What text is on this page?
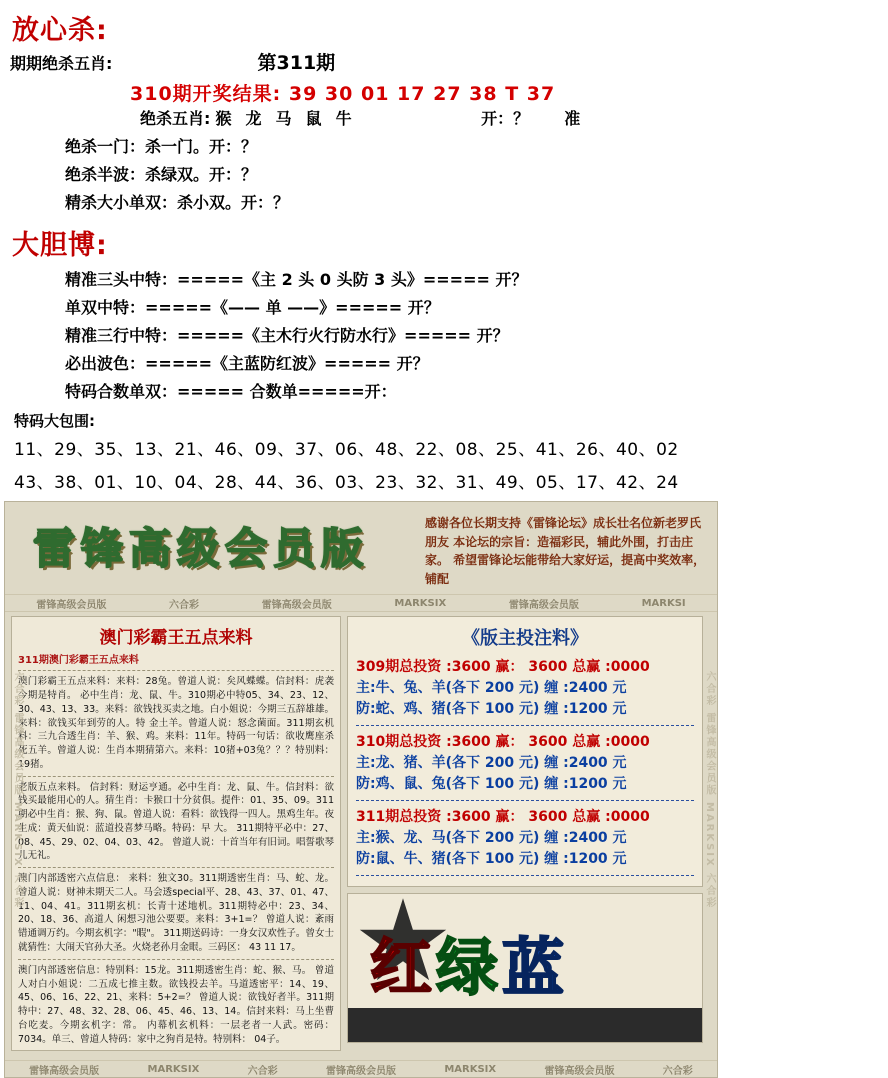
放心杀:
期期绝杀五肖:	第311期
310期开奖结果: 39 30 01 17 27 38 T 37
绝杀五肖: 猴 龙 马 鼠 牛	开：？ 准
绝杀一门：杀一门。开：？
绝杀半波：杀绿双。开：？
精杀大小单双：杀小双。开：？
大胆博:
精准三头中特：=====《主 2 头 0 头防 3 头》===== 开？
单双中特：=====《—— 单 ——》===== 开？
精准三行中特：=====《主木行火行防水行》===== 开？
必出波色：=====《主蓝防红波》===== 开？
特码合数单双：===== 合数单=====开：
特码大包围:
11、29、35、13、21、46、09、37、06、48、22、08、25、41、26、40、02
43、38、01、10、04、28、44、36、03、23、32、31、49、05、17、42、24
六合彩 雷锋高级会员版 MARKSIX 六合彩	六合彩 雷锋高级会员版 MARKSIX 六合彩
雷锋高级会员版
感谢各位长期支持《雷锋论坛》成长壮名位新老罗氏 朋友 本论坛的宗旨：造福彩民，辅此外围，打击庄家。 希望雷锋论坛能带给大家好运，提高中奖效率，铺配
雷锋高级会员版	六合彩	雷锋高级会员版	MARKSIX	雷锋高级会员版	MARKSI
澳门彩霸王五点来料
311期澳门彩霸王五点来料
澳门彩霸王五点来料：来料：28兔。曾道人说：矣风蝶蝶。信封料：虎袭今期是特肖。 必中生肖：龙、鼠、牛。310期必中特05、34、23、12、30、43、13、33。来料：欲钱找买卖之地。白小姐说：今期三五辞雄雄。来料：欲钱买年到劳的人。特 金土羊。曾道人说：怒念菌面。311期玄机料：三九合透生肖：羊、猴、鸡。来料：11年。特码一句话：欲收鹰座杀死五羊。曾道人说：生肖本期猜第六。来料：10猪+03兔？？？特别料：19猪。
老版五点来料。 信封料：财运亨通。必中生肖：龙、鼠、牛。信封料：欲钱买最能用心的人。猜生肖：卡猴口十分贫俱。提件：01、35、09。311期必中生肖：猴、狗、鼠。曾道人说：看料：欲钱得一四人。黑鸡生年。夜生成：黄天仙说：蓝道投喜梦马略。特码：早 大。 311期特平必中：27、08、45、29、02、04、03、42。 曾道人说：十首当年有旧词。唱誓歌琴儿无礼。
澳门内部透密六点信息： 来料：独文30。311期透密生肖：马、蛇、龙。 曾道人说：财神未期天二人。马会透special平、28、43、37、01、47、11、04、41。311期玄机：长青十述地机。311期特必中：23、34、20、18、36、高道人 闲想习池公要要。来料：3+1=？ 曾道人说：紊雨错通调万约。今期玄机字："暇"。 311期送码诗：一身女汉欢性子。曾女士就猜性：大闹天官孙大圣。火烧老孙月金眼。三码区： 43 11 17。
澳门内部透密信息：特别料：15龙。311期透密生肖：蛇、猴、马。 曾道人对白小姐说：二五成七推主数。欲钱投去羊。马道透密平：14、19、45、06、16、22、21、来料：5+2=？ 曾道人说：欲钱好者半。311期特中：27、48、32、28、06、45、46、13、14。信封来料：马上坐曹台吃麦。今期玄机字：常。 内幕机玄机料：一层老者一人武。密码：7034。单三、曾道人特码：家中之狗肖是特。特别料： 04子。
《版主投注料》
309期总投资 :3600 赢： 3600 总赢 :0000
主:牛、兔、羊(各下 200 元) 缠 :2400 元
防:蛇、鸡、猪(各下 100 元) 缠 :1200 元
310期总投资 :3600 赢： 3600 总赢 :0000
主:龙、猪、羊(各下 200 元) 缠 :2400 元
防:鸡、鼠、兔(各下 100 元) 缠 :1200 元
311期总投资 :3600 赢： 3600 总赢 :0000
主:猴、龙、马(各下 200 元) 缠 :2400 元
防:鼠、牛、猪(各下 100 元) 缠 :1200 元
红绿蓝
雷锋高级会员版	MARKSIX	六合彩	雷锋高级会员版	MARKSIX	雷锋高级会员版	六合彩
